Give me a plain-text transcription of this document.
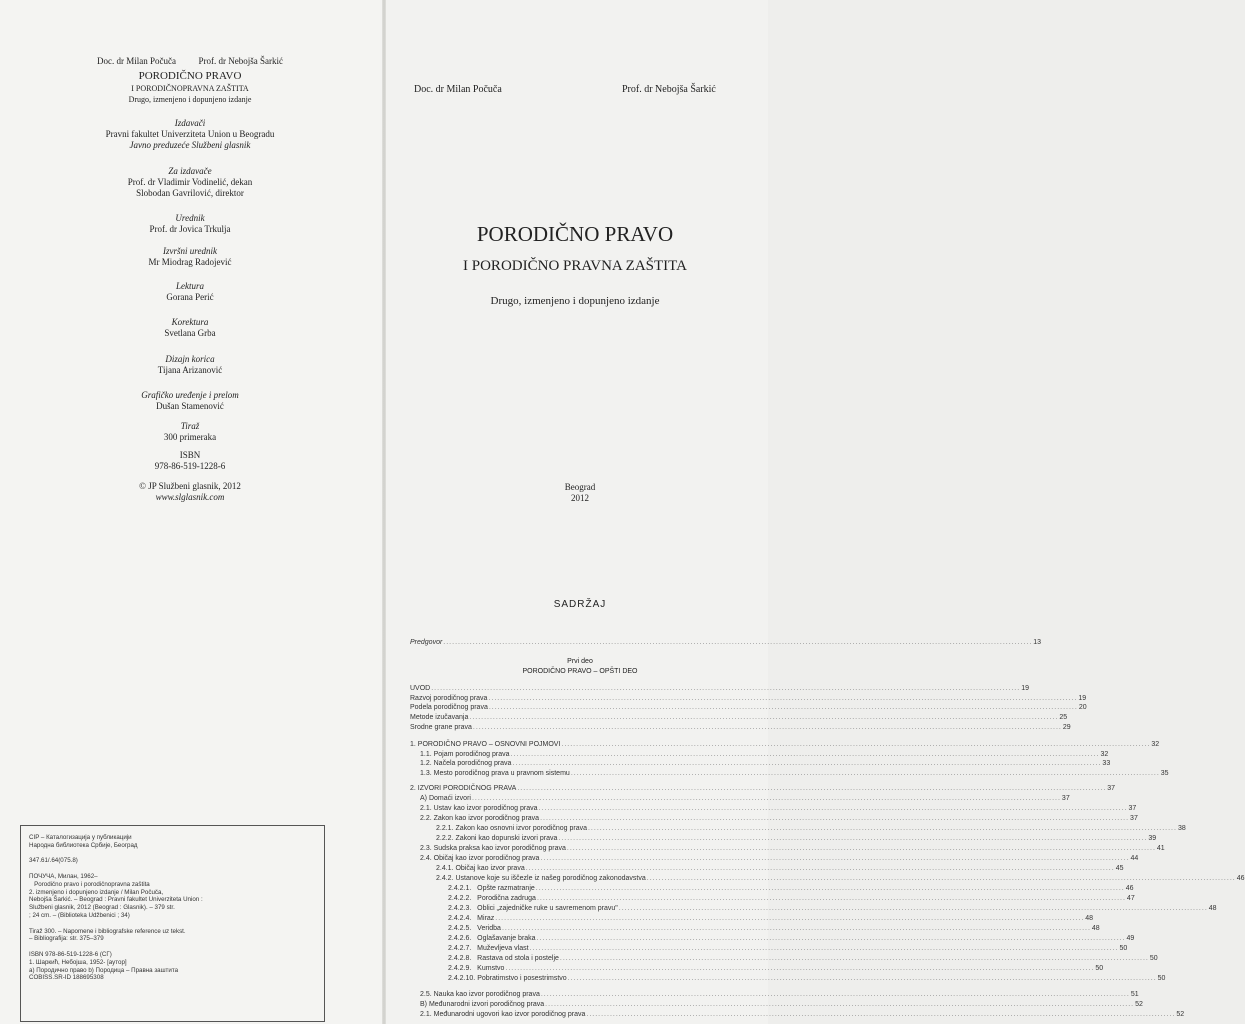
Doc. dr Milan Počuča          Prof. dr Nebojša Šarkić
PORODIČNO PRAVO
I PORODIČNOPRAVNA ZAŠTITA
Drugo, izmenjeno i dopunjeno izdanje
Izdavači
Pravni fakultet Univerziteta Union u Beogradu
Javno preduzeće Službeni glasnik
Za izdavače
Prof. dr Vladimir Vodinelić, dekan
Slobodan Gavrilović, direktor
Urednik
Prof. dr Jovica Trkulja
Izvršni urednik
Mr Miodrag Radojević
Lektura
Gorana Perić
Korektura
Svetlana Grba
Dizajn korica
Tijana Arizanović
Grafičko uređenje i prelom
Dušan Stamenović
Tiraž
300 primeraka
ISBN
978-86-519-1228-6
© JP Službeni glasnik, 2012
www.slglasnik.com
CIP – Каталогизација у публикацији
Народна библиотека Србије, Београд

347.61/.64(075.8)

ПОЧУЧА, Милан, 1962–
Porodično pravo i porodičnopravna zaštita
2. izmenjeno i dopunjeno izdanje / Milan Počuča,
Nebojša Šarkić. – Beograd : Pravni fakultet Univerziteta Union :
Službeni glasnik, 2012 (Beograd : Glasnik). – 379 str.
; 24 cm. – (Biblioteka Udžbenici ; 34)

Tiraž 300. – Napomene i bibliografske reference uz tekst.
– Bibliografija: str. 375–379

ISBN 978-86-519-1228-6 (СГ)
1. Шаркић, Небојша, 1952- [аутор]
а) Породично право b) Породица – Правна заштита
COBISS.SR-ID 188695308
Doc. dr Milan Počuča	Prof. dr Nebojša Šarkić
PORODIČNO PRAVO
I PORODIČNO PRAVNA ZAŠTITA
Drugo, izmenjeno i dopunjeno izdanje
Beograd
2012
SADRŽAJ
Prvi deo
PORODIČNO PRAVO – OPŠTI DEO
Predgovor ........................................................................................................................................................................................................ 13
UVOD ........................................................................................................................................................................................................ 19
Razvoj porodičnog prava ........................................................................................................................................................................................................ 19
Podela porodičnog prava ........................................................................................................................................................................................................ 20
Metode izučavanja ........................................................................................................................................................................................................ 25
Srodne grane prava ........................................................................................................................................................................................................ 29
1. PORODIČNO PRAVO – OSNOVNI POJMOVI ........................................................................................................................................................................................................ 32
1.1. Pojam porodičnog prava ........................................................................................................................................................................................................ 32
1.2. Načela porodičnog prava ........................................................................................................................................................................................................ 33
1.3. Mesto porodičnog prava u pravnom sistemu ........................................................................................................................................................................................................ 35
2. IZVORI PORODIČNOG PRAVA ........................................................................................................................................................................................................ 37
A) Domaći izvori ........................................................................................................................................................................................................ 37
2.1. Ustav kao izvor porodičnog prava ........................................................................................................................................................................................................ 37
2.2. Zakon kao izvor porodičnog prava ........................................................................................................................................................................................................ 37
2.2.1. Zakon kao osnovni izvor porodičnog prava ........................................................................................................................................................................................................ 38
2.2.2. Zakoni kao dopunski izvori prava ........................................................................................................................................................................................................ 39
2.3. Sudska praksa kao izvor porodičnog prava ........................................................................................................................................................................................................ 41
2.4. Običaj kao izvor porodičnog prava ........................................................................................................................................................................................................ 44
2.4.1. Običaj kao izvor prava ........................................................................................................................................................................................................ 45
2.4.2. Ustanove koje su iščezle iz našeg porodičnog zakonodavstva ........................................................................................................................................................................................................ 46
2.4.2.1.   Opšte razmatranje ........................................................................................................................................................................................................ 46
2.4.2.2.   Porodična zadruga ........................................................................................................................................................................................................ 47
2.4.2.3.   Oblici „zajedničke ruke u savremenom pravu" ........................................................................................................................................................................................................ 48
2.4.2.4.   Miraz ........................................................................................................................................................................................................ 48
2.4.2.5.   Veridba ........................................................................................................................................................................................................ 48
2.4.2.6.   Oglašavanje braka ........................................................................................................................................................................................................ 49
2.4.2.7.   Muževljeva vlast ........................................................................................................................................................................................................ 50
2.4.2.8.   Rastava od stola i postelje ........................................................................................................................................................................................................ 50
2.4.2.9.   Kumstvo ........................................................................................................................................................................................................ 50
2.4.2.10. Pobratimstvo i posestrimstvo ........................................................................................................................................................................................................ 50
2.5. Nauka kao izvor porodičnog prava ........................................................................................................................................................................................................ 51
B) Međunarodni izvori porodičnog prava ........................................................................................................................................................................................................ 52
2.1. Međunarodni ugovori kao izvor porodičnog prava ........................................................................................................................................................................................................ 52
